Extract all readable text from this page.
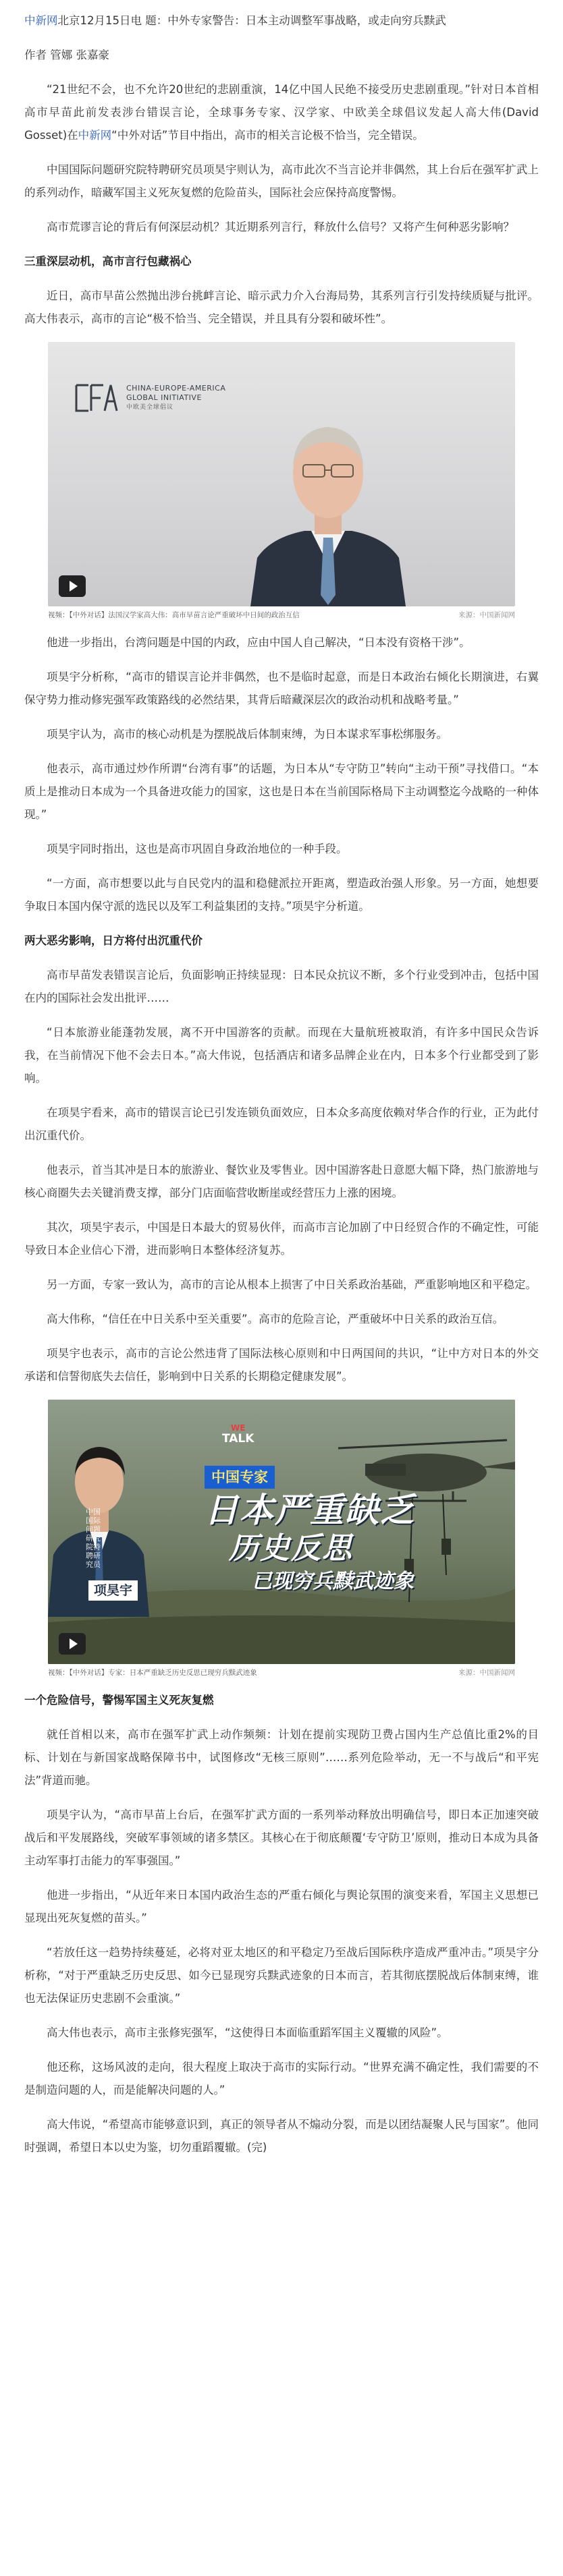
中新网北京12月15日电 题：中外专家警告：日本主动调整军事战略，或走向穷兵黩武

作者 管娜 张嘉豪

“21世纪不会，也不允许20世纪的悲剧重演，14亿中国人民绝不接受历史悲剧重现。”针对日本首相高市早苗此前发表涉台错误言论，全球事务专家、汉学家、中欧美全球倡议发起人高大伟(David Gosset)在中新网“中外对话”节目中指出，高市的相关言论极不恰当，完全错误。

中国国际问题研究院特聘研究员项昊宇则认为，高市此次不当言论并非偶然，其上台后在强军扩武上的系列动作，暗藏军国主义死灰复燃的危险苗头，国际社会应保持高度警惕。

高市荒谬言论的背后有何深层动机？其近期系列言行，释放什么信号？又将产生何种恶劣影响？

三重深层动机，高市言行包藏祸心

近日，高市早苗公然抛出涉台挑衅言论、暗示武力介入台海局势，其系列言行引发持续质疑与批评。高大伟表示，高市的言论“极不恰当、完全错误，并且具有分裂和破坏性”。

CHINA-EUROPE-AMERICA
GLOBAL INITIATIVE
中欧美全球倡议
视频：【中外对话】法国汉学家高大伟：高市早苗言论严重破坏中日间的政治互信	来源：中国新闻网

他进一步指出，台湾问题是中国的内政，应由中国人自己解决，“日本没有资格干涉”。

项昊宇分析称，“高市的错误言论并非偶然，也不是临时起意，而是日本政治右倾化长期演进，右翼保守势力推动修宪强军政策路线的必然结果，其背后暗藏深层次的政治动机和战略考量。”

项昊宇认为，高市的核心动机是为摆脱战后体制束缚，为日本谋求军事松绑服务。

他表示，高市通过炒作所谓“台湾有事”的话题，为日本从“专守防卫”转向“主动干预”寻找借口。“本质上是推动日本成为一个具备进攻能力的国家，这也是日本在当前国际格局下主动调整迄今战略的一种体现。”

项昊宇同时指出，这也是高市巩固自身政治地位的一种手段。

“一方面，高市想要以此与自民党内的温和稳健派拉开距离，塑造政治强人形象。另一方面，她想要争取日本国内保守派的选民以及军工利益集团的支持。”项昊宇分析道。

两大恶劣影响，日方将付出沉重代价

高市早苗发表错误言论后，负面影响正持续显现：日本民众抗议不断，多个行业受到冲击，包括中国在内的国际社会发出批评……

“日本旅游业能蓬勃发展，离不开中国游客的贡献。而现在大量航班被取消，有许多中国民众告诉我，在当前情况下他不会去日本。”高大伟说，包括酒店和诸多品牌企业在内，日本多个行业都受到了影响。

在项昊宇看来，高市的错误言论已引发连锁负面效应，日本众多高度依赖对华合作的行业，正为此付出沉重代价。

他表示，首当其冲是日本的旅游业、餐饮业及零售业。因中国游客赴日意愿大幅下降，热门旅游地与核心商圈失去关键消费支撑，部分门店面临营收断崖或经营压力上涨的困境。

其次，项昊宇表示，中国是日本最大的贸易伙伴，而高市言论加剧了中日经贸合作的不确定性，可能导致日本企业信心下滑，进而影响日本整体经济复苏。

另一方面，专家一致认为，高市的言论从根本上损害了中日关系政治基础，严重影响地区和平稳定。

高大伟称，“信任在中日关系中至关重要”。高市的危险言论，严重破坏中日关系的政治互信。

项昊宇也表示，高市的言论公然违背了国际法核心原则和中日两国间的共识，“让中方对日本的外交承诺和信誓彻底失去信任，影响到中日关系的长期稳定健康发展”。

WE
TALK
中国专家
日本严重缺乏
历史反思
已现穷兵黩武迹象
中国国际问题研究院特聘研究员
项昊宇
视频：【中外对话】专家：日本严重缺乏历史反思已现穷兵黩武迹象	来源：中国新闻网
一个危险信号，警惕军国主义死灰复燃

就任首相以来，高市在强军扩武上动作频频：计划在提前实现防卫费占国内生产总值比重2%的目标、计划在与新国家战略保障书中，试图修改“无核三原则”……系列危险举动，无一不与战后“和平宪法”背道而驰。

项昊宇认为，“高市早苗上台后，在强军扩武方面的一系列举动释放出明确信号，即日本正加速突破战后和平发展路线，突破军事领域的诸多禁区。其核心在于彻底颠覆‘专守防卫’原则，推动日本成为具备主动军事打击能力的军事强国。”

他进一步指出，“从近年来日本国内政治生态的严重右倾化与舆论氛围的演变来看，军国主义思想已显现出死灰复燃的苗头。”

“若放任这一趋势持续蔓延，必将对亚太地区的和平稳定乃至战后国际秩序造成严重冲击。”项昊宇分析称，“对于严重缺乏历史反思、如今已显现穷兵黩武迹象的日本而言，若其彻底摆脱战后体制束缚，谁也无法保证历史悲剧不会重演。”

高大伟也表示，高市主张修宪强军，“这使得日本面临重蹈军国主义覆辙的风险”。

他还称，这场风波的走向，很大程度上取决于高市的实际行动。“世界充满不确定性，我们需要的不是制造问题的人，而是能解决问题的人。”

高大伟说，“希望高市能够意识到，真正的领导者从不煽动分裂，而是以团结凝聚人民与国家”。他同时强调，希望日本以史为鉴，切勿重蹈覆辙。(完)
